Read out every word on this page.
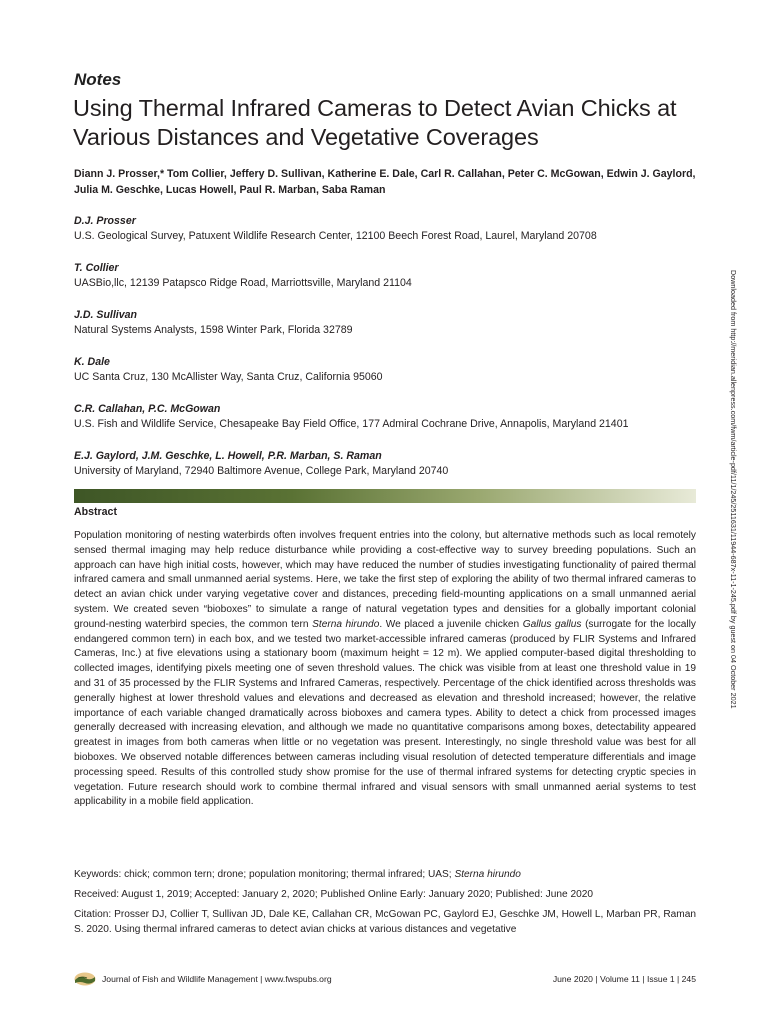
Notes
Using Thermal Infrared Cameras to Detect Avian Chicks at Various Distances and Vegetative Coverages
Diann J. Prosser,* Tom Collier, Jeffery D. Sullivan, Katherine E. Dale, Carl R. Callahan, Peter C. McGowan, Edwin J. Gaylord, Julia M. Geschke, Lucas Howell, Paul R. Marban, Saba Raman
D.J. Prosser
U.S. Geological Survey, Patuxent Wildlife Research Center, 12100 Beech Forest Road, Laurel, Maryland 20708
T. Collier
UASBio,llc, 12139 Patapsco Ridge Road, Marriottsville, Maryland 21104
J.D. Sullivan
Natural Systems Analysts, 1598 Winter Park, Florida 32789
K. Dale
UC Santa Cruz, 130 McAllister Way, Santa Cruz, California 95060
C.R. Callahan, P.C. McGowan
U.S. Fish and Wildlife Service, Chesapeake Bay Field Office, 177 Admiral Cochrane Drive, Annapolis, Maryland 21401
E.J. Gaylord, J.M. Geschke, L. Howell, P.R. Marban, S. Raman
University of Maryland, 72940 Baltimore Avenue, College Park, Maryland 20740
Abstract
Population monitoring of nesting waterbirds often involves frequent entries into the colony, but alternative methods such as local remotely sensed thermal imaging may help reduce disturbance while providing a cost-effective way to survey breeding populations. Such an approach can have high initial costs, however, which may have reduced the number of studies investigating functionality of paired thermal infrared camera and small unmanned aerial systems. Here, we take the first step of exploring the ability of two thermal infrared cameras to detect an avian chick under varying vegetative cover and distances, preceding field-mounting applications on a small unmanned aerial system. We created seven “bioboxes” to simulate a range of natural vegetation types and densities for a globally important colonial ground-nesting waterbird species, the common tern Sterna hirundo. We placed a juvenile chicken Gallus gallus (surrogate for the locally endangered common tern) in each box, and we tested two market-accessible infrared cameras (produced by FLIR Systems and Infrared Cameras, Inc.) at five elevations using a stationary boom (maximum height = 12 m). We applied computer-based digital thresholding to collected images, identifying pixels meeting one of seven threshold values. The chick was visible from at least one threshold value in 19 and 31 of 35 processed by the FLIR Systems and Infrared Cameras, respectively. Percentage of the chick identified across thresholds was generally highest at lower threshold values and elevations and decreased as elevation and threshold increased; however, the relative importance of each variable changed dramatically across bioboxes and camera types. Ability to detect a chick from processed images generally decreased with increasing elevation, and although we made no quantitative comparisons among boxes, detectability appeared greatest in images from both cameras when little or no vegetation was present. Interestingly, no single threshold value was best for all bioboxes. We observed notable differences between cameras including visual resolution of detected temperature differentials and image processing speed. Results of this controlled study show promise for the use of thermal infrared systems for detecting cryptic species in vegetation. Future research should work to combine thermal infrared and visual sensors with small unmanned aerial systems to test applicability in a mobile field application.
Keywords: chick; common tern; drone; population monitoring; thermal infrared; UAS; Sterna hirundo
Received: August 1, 2019; Accepted: January 2, 2020; Published Online Early: January 2020; Published: June 2020
Citation: Prosser DJ, Collier T, Sullivan JD, Dale KE, Callahan CR, McGowan PC, Gaylord EJ, Geschke JM, Howell L, Marban PR, Raman S. 2020. Using thermal infrared cameras to detect avian chicks at various distances and vegetative
Journal of Fish and Wildlife Management | www.fwspubs.org	June 2020 | Volume 11 | Issue 1 | 245
Downloaded from http://meridian.allenpress.com/fwm/article-pdf/11/1/245/2511631/11944-687x-11-1-245.pdf by guest on 04 October 2021
